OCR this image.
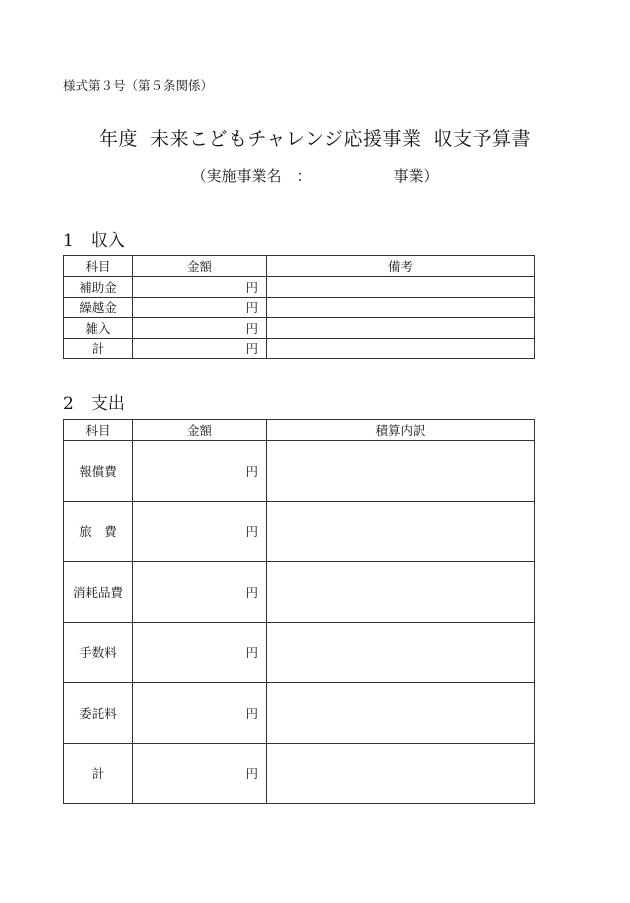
様式第３号（第５条関係）
年度 未来こどもチャレンジ応援事業 収支予算書
（実施事業名　：	事業）
1　収入
科目	金額	備考
補助金	円	
繰越金	円	
雑入	円	
計	円	
2　支出
科目	金額	積算内訳
報償費	円	
旅　費	円	
消耗品費	円	
手数料	円	
委託料	円	
計	円	
